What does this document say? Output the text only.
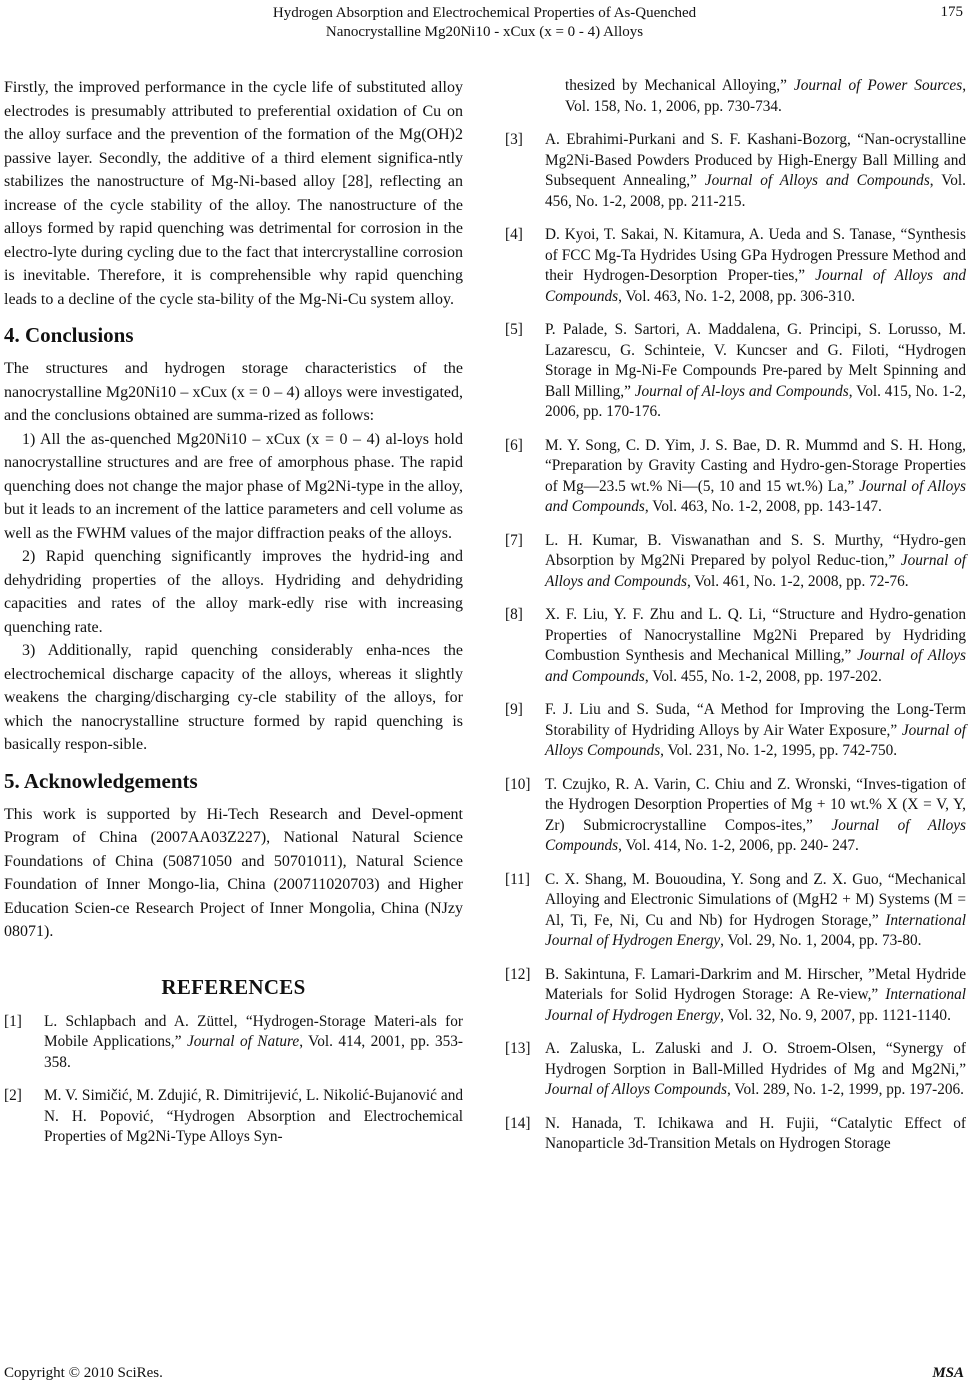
Hydrogen Absorption and Electrochemical Properties of As-Quenched
Nanocrystalline Mg20Ni10 - xCux (x = 0 - 4) Alloys
175

Firstly, the improved performance in the cycle life of substituted alloy electrodes is presumably attributed to preferential oxidation of Cu on the alloy surface and the prevention of the formation of the Mg(OH)2 passive layer. Secondly, the additive of a third element significa-ntly stabilizes the nanostructure of Mg-Ni-based alloy [28], reflecting an increase of the cycle stability of the alloy. The nanostructure of the alloys formed by rapid quenching was detrimental for corrosion in the electro-lyte during cycling due to the fact that intercrystalline corrosion is inevitable. Therefore, it is comprehensible why rapid quenching leads to a decline of the cycle sta-bility of the Mg-Ni-Cu system alloy.

4. Conclusions

The structures and hydrogen storage characteristics of the nanocrystalline Mg20Ni10 – xCux (x = 0 – 4) alloys were investigated, and the conclusions obtained are summa-rized as follows:

1) All the as-quenched Mg20Ni10 – xCux (x = 0 – 4) al-loys hold nanocrystalline structures and are free of amorphous phase. The rapid quenching does not change the major phase of Mg2Ni-type in the alloy, but it leads to an increment of the lattice parameters and cell volume as well as the FWHM values of the major diffraction peaks of the alloys.

2) Rapid quenching significantly improves the hydrid-ing and dehydriding properties of the alloys. Hydriding and dehydriding capacities and rates of the alloy mark-edly rise with increasing quenching rate.

3) Additionally, rapid quenching considerably enha-nces the electrochemical discharge capacity of the alloys, whereas it slightly weakens the charging/discharging cy-cle stability of the alloys, for which the nanocrystalline structure formed by rapid quenching is basically respon-sible.

5. Acknowledgements

This work is supported by Hi-Tech Research and Devel-opment Program of China (2007AA03Z227), National Natural Science Foundations of China (50871050 and 50701011), Natural Science Foundation of Inner Mongo-lia, China (200711020703) and Higher Education Scien-ce Research Project of Inner Mongolia, China (NJzy 08071).

REFERENCES
[1]	L. Schlapbach and A. Züttel, “Hydrogen-Storage Materi-als for Mobile Applications,” Journal of Nature, Vol. 414, 2001, pp. 353-358.
[2]	M. V. Simičić, M. Zdujić, R. Dimitrijević, L. Nikolić-Bujanović and N. H. Popović, “Hydrogen Absorption and Electrochemical Properties of Mg2Ni-Type Alloys Syn-
thesized by Mechanical Alloying,” Journal of Power Sources, Vol. 158, No. 1, 2006, pp. 730-734.
[3]	A. Ebrahimi-Purkani and S. F. Kashani-Bozorg, “Nan-ocrystalline Mg2Ni-Based Powders Produced by High-Energy Ball Milling and Subsequent Annealing,” Journal of Alloys and Compounds, Vol. 456, No. 1-2, 2008, pp. 211-215.
[4]	D. Kyoi, T. Sakai, N. Kitamura, A. Ueda and S. Tanase, “Synthesis of FCC Mg-Ta Hydrides Using GPa Hydrogen Pressure Method and their Hydrogen-Desorption Proper-ties,” Journal of Alloys and Compounds, Vol. 463, No. 1-2, 2008, pp. 306-310.
[5]	P. Palade, S. Sartori, A. Maddalena, G. Principi, S. Lorusso, M. Lazarescu, G. Schinteie, V. Kuncser and G. Filoti, “Hydrogen Storage in Mg-Ni-Fe Compounds Pre-pared by Melt Spinning and Ball Milling,” Journal of Al-loys and Compounds, Vol. 415, No. 1-2, 2006, pp. 170-176.
[6]	M. Y. Song, C. D. Yim, J. S. Bae, D. R. Mummd and S. H. Hong, “Preparation by Gravity Casting and Hydro-gen-Storage Properties of Mg—23.5 wt.% Ni—(5, 10 and 15 wt.%) La,” Journal of Alloys and Compounds, Vol. 463, No. 1-2, 2008, pp. 143-147.
[7]	L. H. Kumar, B. Viswanathan and S. S. Murthy, “Hydro-gen Absorption by Mg2Ni Prepared by polyol Reduc-tion,” Journal of Alloys and Compounds, Vol. 461, No. 1-2, 2008, pp. 72-76.
[8]	X. F. Liu, Y. F. Zhu and L. Q. Li, “Structure and Hydro-genation Properties of Nanocrystalline Mg2Ni Prepared by Hydriding Combustion Synthesis and Mechanical Milling,” Journal of Alloys and Compounds, Vol. 455, No. 1-2, 2008, pp. 197-202.
[9]	F. J. Liu and S. Suda, “A Method for Improving the Long-Term Storability of Hydriding Alloys by Air Water Exposure,” Journal of Alloys Compounds, Vol. 231, No. 1-2, 1995, pp. 742-750.
[10] T. Czujko, R. A. Varin, C. Chiu and Z. Wronski, “Inves-tigation of the Hydrogen Desorption Properties of Mg + 10 wt.% X (X = V, Y, Zr) Submicrocrystalline Compos-ites,” Journal of Alloys Compounds, Vol. 414, No. 1-2, 2006, pp. 240- 247.
[11] C. X. Shang, M. Bououdina, Y. Song and Z. X. Guo, “Mechanical Alloying and Electronic Simulations of (MgH2 + M) Systems (M = Al, Ti, Fe, Ni, Cu and Nb) for Hydrogen Storage,” International Journal of Hydrogen Energy, Vol. 29, No. 1, 2004, pp. 73-80.
[12] B. Sakintuna, F. Lamari-Darkrim and M. Hirscher, ”Metal Hydride Materials for Solid Hydrogen Storage: A Re-view,” International Journal of Hydrogen Energy, Vol. 32, No. 9, 2007, pp. 1121-1140.
[13] A. Zaluska, L. Zaluski and J. O. Stroem-Olsen, “Synergy of Hydrogen Sorption in Ball-Milled Hydrides of Mg and Mg2Ni,” Journal of Alloys Compounds, Vol. 289, No. 1-2, 1999, pp. 197-206.
[14] N. Hanada, T. Ichikawa and H. Fujii, “Catalytic Effect of Nanoparticle 3d-Transition Metals on Hydrogen Storage
Copyright © 2010 SciRes.	MSA
